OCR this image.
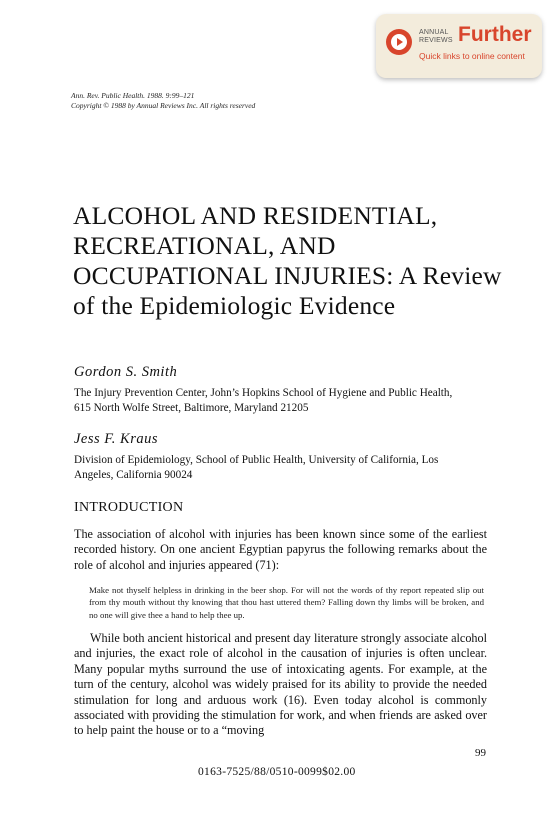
ANNUAL REVIEWS Further
Quick links to online content
Ann. Rev. Public Health. 1988. 9:99–121
Copyright © 1988 by Annual Reviews Inc. All rights reserved
ALCOHOL AND RESIDENTIAL,
RECREATIONAL, AND
OCCUPATIONAL INJURIES: A Review
of the Epidemiologic Evidence
Gordon S. Smith
The Injury Prevention Center, John’s Hopkins School of Hygiene and Public Health,
615 North Wolfe Street, Baltimore, Maryland 21205
Jess F. Kraus
Division of Epidemiology, School of Public Health, University of California, Los
Angeles, California 90024
INTRODUCTION
The association of alcohol with injuries has been known since some of the earliest recorded history. On one ancient Egyptian papyrus the following remarks about the role of alcohol and injuries appeared (71):
Make not thyself helpless in drinking in the beer shop. For will not the words of thy report repeated slip out from thy mouth without thy knowing that thou hast uttered them? Falling down thy limbs will be broken, and no one will give thee a hand to help thee up.
While both ancient historical and present day literature strongly associate alcohol and injuries, the exact role of alcohol in the causation of injuries is often unclear. Many popular myths surround the use of intoxicating agents. For example, at the turn of the century, alcohol was widely praised for its ability to provide the needed stimulation for long and arduous work (16). Even today alcohol is commonly associated with providing the stimulation for work, and when friends are asked over to help paint the house or to a “moving
99
0163-7525/88/0510-0099$02.00
